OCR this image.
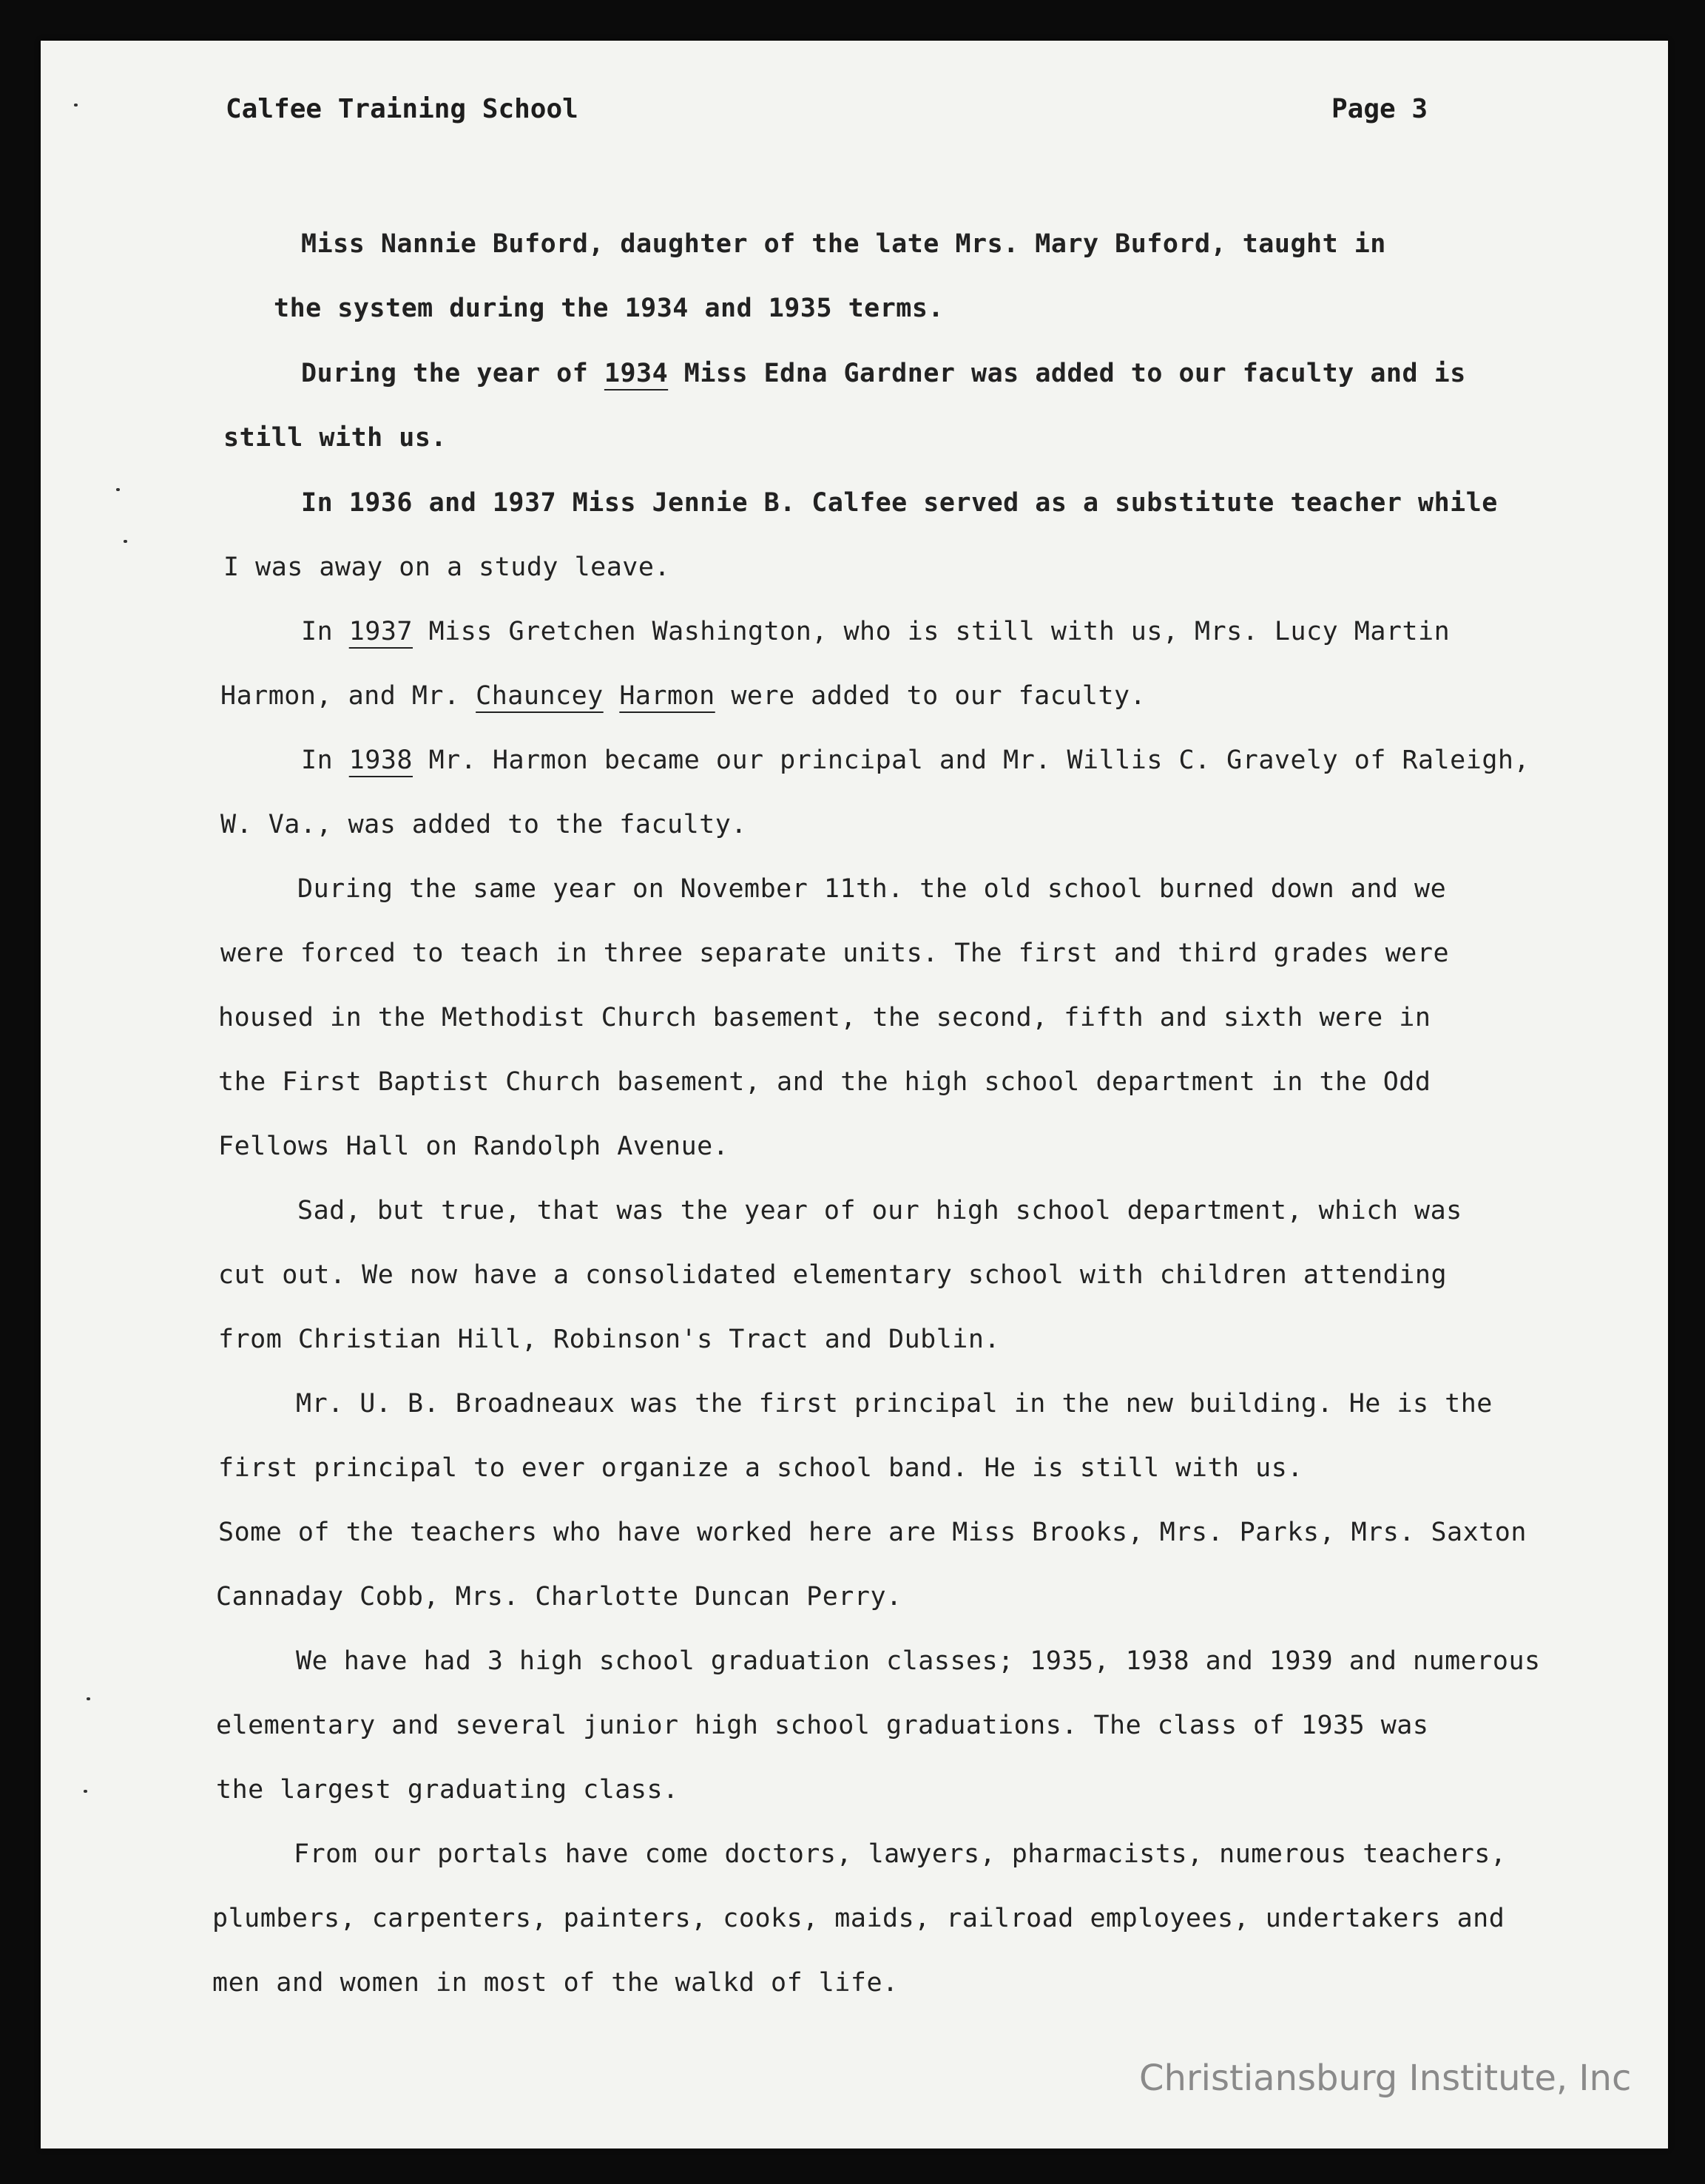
Calfee Training School	Page 3
Miss Nannie Buford, daughter of the late Mrs. Mary Buford, taught in
the system during the 1934 and 1935 terms.
During the year of 1934 Miss Edna Gardner was added to our faculty and is
still with us.
In 1936 and 1937 Miss Jennie B. Calfee served as a substitute teacher while
I was away on a study leave.
In 1937 Miss Gretchen Washington, who is still with us, Mrs. Lucy Martin
Harmon, and Mr. Chauncey Harmon were added to our faculty.
In 1938 Mr. Harmon became our principal and Mr. Willis C. Gravely of Raleigh,
W. Va., was added to the faculty.
During the same year on November 11th. the old school burned down and we
were forced to teach in three separate units. The first and third grades were
housed in the Methodist Church basement, the second, fifth and sixth were in
the First Baptist Church basement, and the high school department in the Odd
Fellows Hall on Randolph Avenue.
Sad, but true, that was the year of our high school department, which was
cut out. We now have a consolidated elementary school with children attending
from Christian Hill, Robinson's Tract and Dublin.
Mr. U. B. Broadneaux was the first principal in the new building. He is the
first principal to ever organize a school band. He is still with us.
Some of the teachers who have worked here are Miss Brooks, Mrs. Parks, Mrs. Saxton
Cannaday Cobb, Mrs. Charlotte Duncan Perry.
We have had 3 high school graduation classes; 1935, 1938 and 1939 and numerous
elementary and several junior high school graduations. The class of 1935 was
the largest graduating class.
From our portals have come doctors, lawyers, pharmacists, numerous teachers,
plumbers, carpenters, painters, cooks, maids, railroad employees, undertakers and
men and women in most of the walkd of life.
Christiansburg Institute, Inc
